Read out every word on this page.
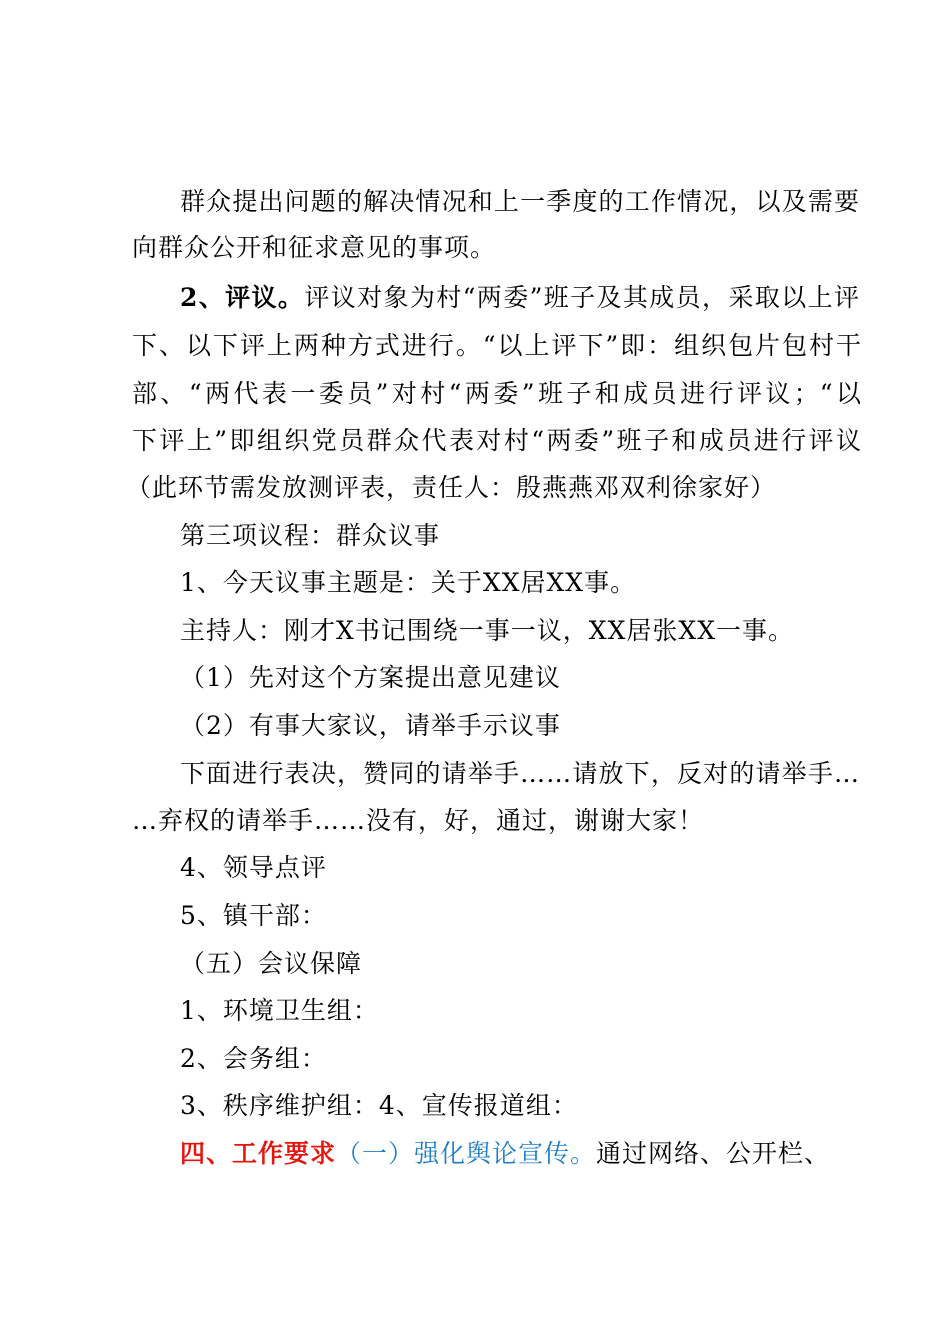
群众提出问题的解决情况和上一季度的工作情况，以及需要
向群众公开和征求意见的事项。
2、评议。评议对象为村“两委”班子及其成员，采取以上评
下、以下评上两种方式进行。“以上评下”即：组织包片包村干
部、“两代表一委员”对村“两委”班子和成员进行评议；“以
下评上”即组织党员群众代表对村“两委”班子和成员进行评议
（此环节需发放测评表，责任人：殷燕燕邓双利徐家好）
第三项议程：群众议事
1、今天议事主题是：关于XX居XX事。
主持人：刚才X书记围绕一事一议，XX居张XX一事。
（1）先对这个方案提出意见建议
（2）有事大家议，请举手示议事
下面进行表决，赞同的请举手……请放下，反对的请举手…
…弃权的请举手……没有，好，通过，谢谢大家！
4、领导点评
5、镇干部：
（五）会议保障
1、环境卫生组：
2、会务组：
3、秩序维护组：4、宣传报道组：
四、工作要求（一）强化舆论宣传。通过网络、公开栏、
